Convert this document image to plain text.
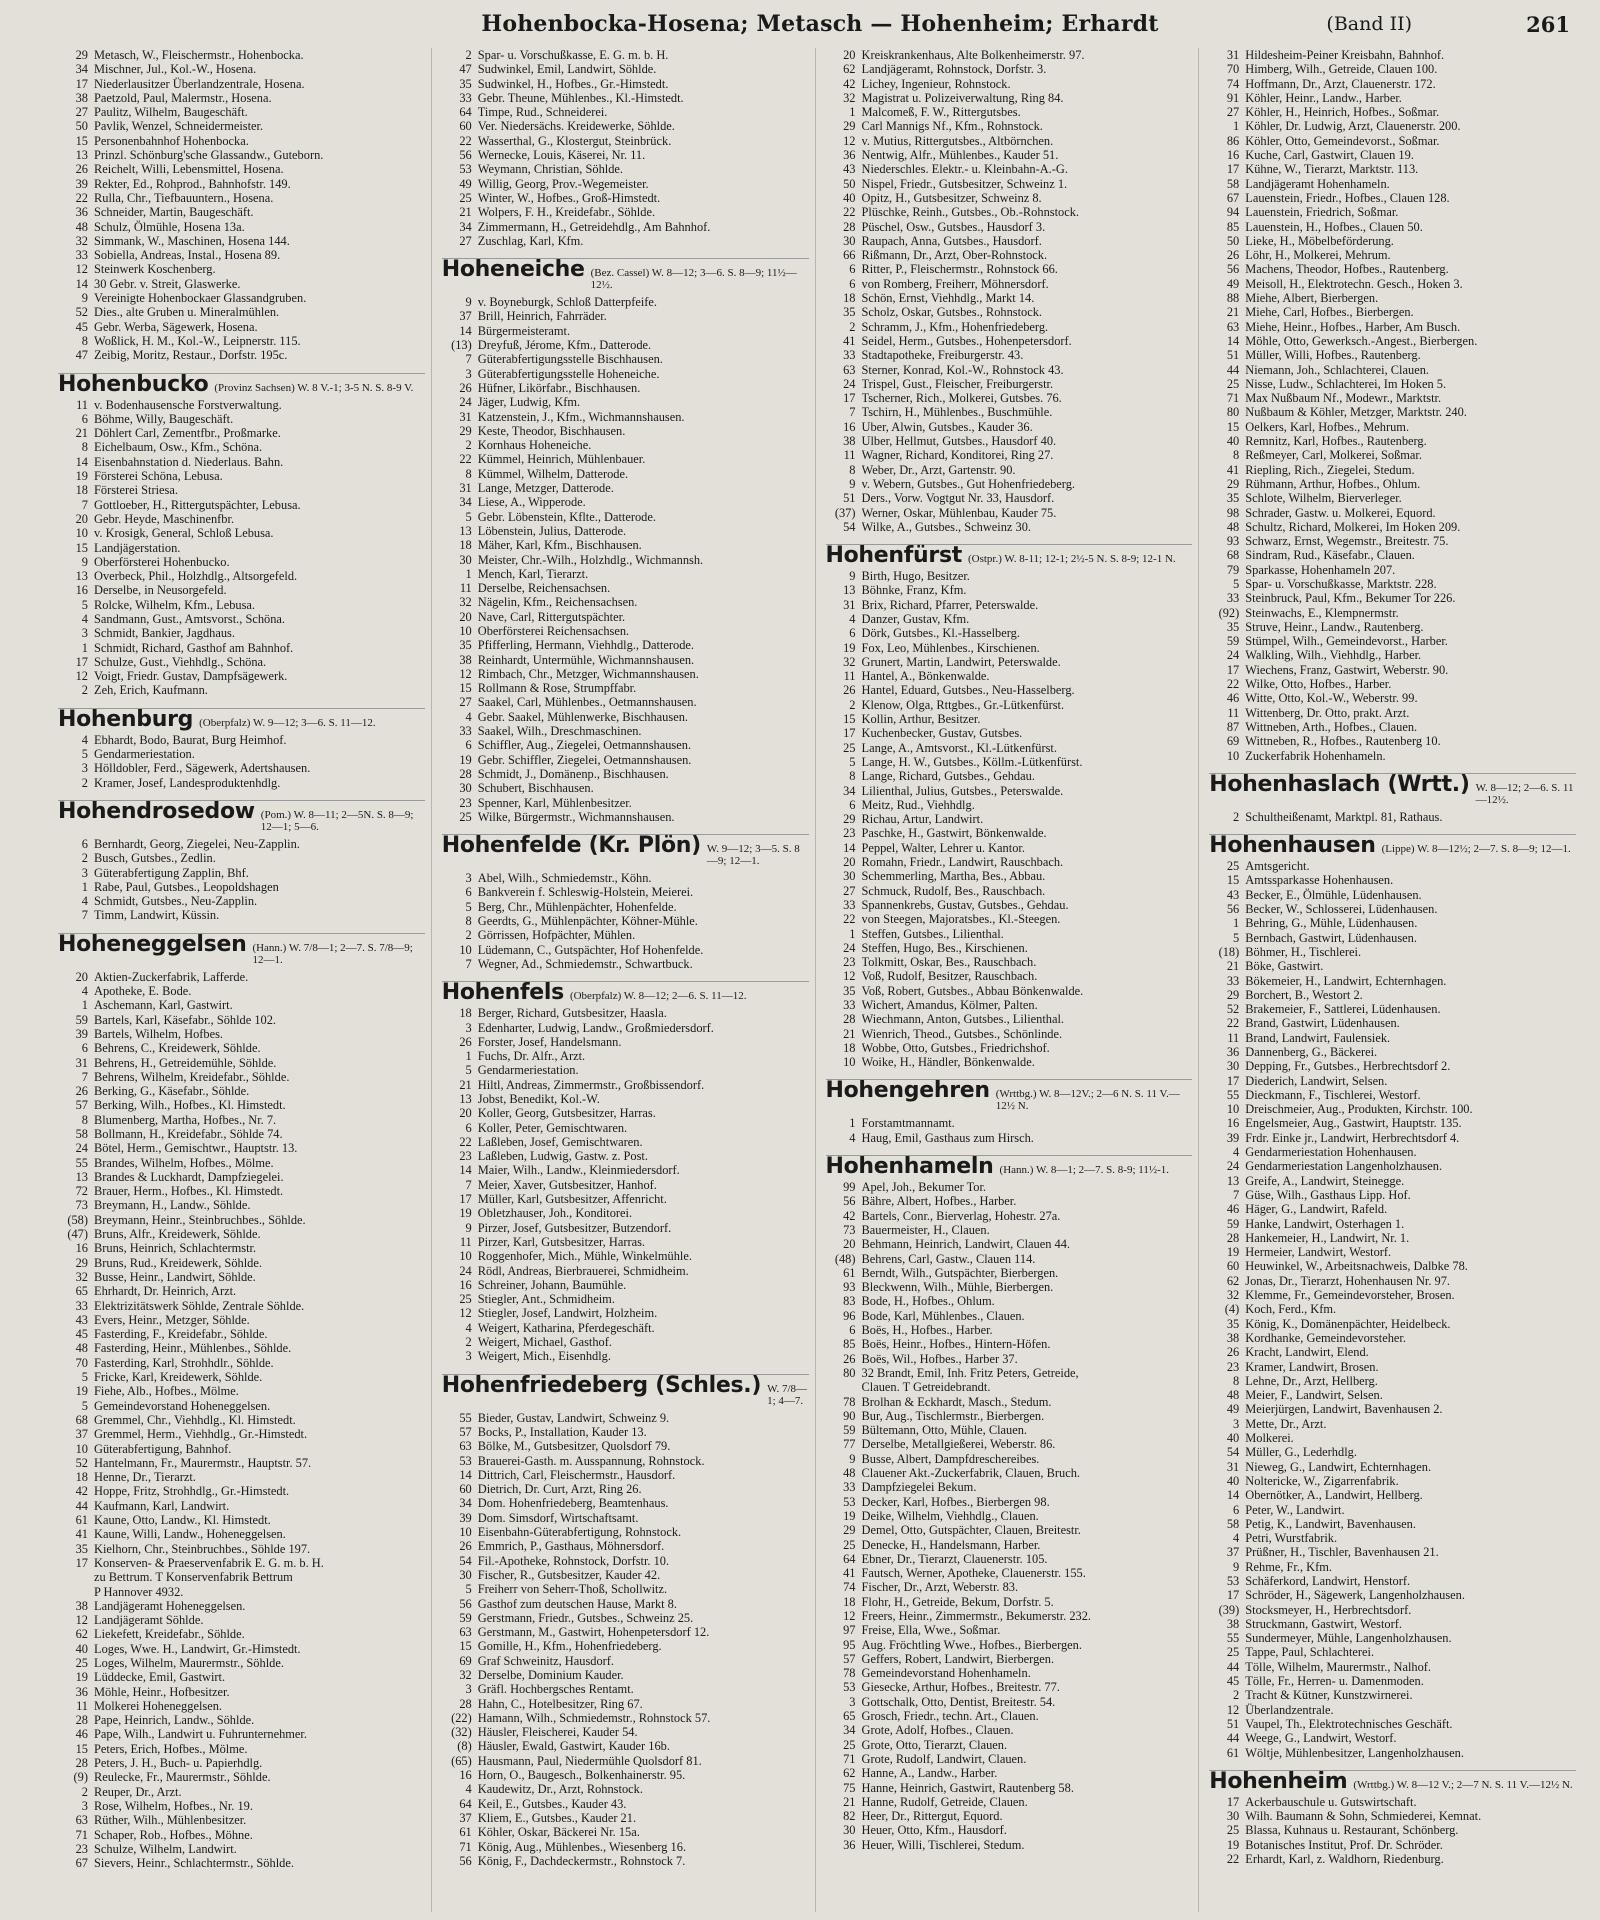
Hohenbocka-Hosena; Metasch — Hohenheim; Erhardt	(Band II)	261
29 Metasch, W., Fleischermstr., Hohenbocka.
34 Mischner, Jul., Kol.-W., Hosena.
17 Niederlausitzer Überlandzentrale, Hosena.
38 Paetzold, Paul, Malermstr., Hosena.
27 Paulitz, Wilhelm, Baugeschäft.
50 Pavlik, Wenzel, Schneidermeister.
15 Personenbahnhof Hohenbocka.
13 Prinzl. Schönburg'sche Glassandw., Guteborn.
26 Reichelt, Willi, Lebensmittel, Hosena.
39 Rekter, Ed., Rohprod., Bahnhofstr. 149.
22 Rulla, Chr., Tiefbauuntern., Hosena.
36 Schneider, Martin, Baugeschäft.
48 Schulz, Ölmühle, Hosena 13a.
32 Simmank, W., Maschinen, Hosena 144.
33 Sobiella, Andreas, Instal., Hosena 89.
12 Steinwerk Koschenberg.
14 30 Gebr. v. Streit, Glaswerke.
9 Vereinigte Hohenbockaer Glassandgruben.
52 Dies., alte Gruben u. Mineralmühlen.
45 Gebr. Werba, Sägewerk, Hosena.
8 Woßlick, H. M., Kol.-W., Leipnerstr. 115.
47 Zeibig, Moritz, Restaur., Dorfstr. 195c.
Hohenbucko (Provinz Sachsen) W. 8 V.-1; 3-5 N. S. 8-9 V.
11 v. Bodenhausensche Forstverwaltung.
6 Böhme, Willy, Baugeschäft.
21 Döhlert Carl, Zementfbr., Proßmarke.
8 Eichelbaum, Osw., Kfm., Schöna.
14 Eisenbahnstation d. Niederlaus. Bahn.
19 Försterei Schöna, Lebusa.
18 Försterei Striesa.
7 Gottloeber, H., Rittergutspächter, Lebusa.
20 Gebr. Heyde, Maschinenfbr.
10 v. Krosigk, General, Schloß Lebusa.
15 Landjägerstation.
9 Oberförsterei Hohenbucko.
13 Overbeck, Phil., Holzhdlg., Altsorgefeld.
16 Derselbe, in Neusorgefeld.
5 Rolcke, Wilhelm, Kfm., Lebusa.
4 Sandmann, Gust., Amtsvorst., Schöna.
3 Schmidt, Bankier, Jagdhaus.
1 Schmidt, Richard, Gasthof am Bahnhof.
17 Schulze, Gust., Viehhdlg., Schöna.
12 Voigt, Friedr. Gustav, Dampfsägewerk.
2 Zeh, Erich, Kaufmann.
Hohenburg (Oberpfalz) W. 9—12; 3—6. S. 11—12.
4 Ebhardt, Bodo, Baurat, Burg Heimhof.
5 Gendarmeriestation.
3 Hölldobler, Ferd., Sägewerk, Adertshausen.
2 Kramer, Josef, Landesproduktenhdlg.
Hohendrosedow (Pom.) W. 8—11; 2—5N. S. 8—9; 12—1; 5—6.
6 Bernhardt, Georg, Ziegelei, Neu-Zapplin.
2 Busch, Gutsbes., Zedlin.
3 Güterabfertigung Zapplin, Bhf.
1 Rabe, Paul, Gutsbes., Leopoldshagen
4 Schmidt, Gutsbes., Neu-Zapplin.
7 Timm, Landwirt, Küssin.
Hoheneggelsen (Hann.) W. 7/8—1; 2—7. S. 7/8—9; 12—1.
20 Aktien-Zuckerfabrik, Lafferde.
4 Apotheke, E. Bode.
1 Aschemann, Karl, Gastwirt.
59 Bartels, Karl, Käsefabr., Söhlde 102.
39 Bartels, Wilhelm, Hofbes.
6 Behrens, C., Kreidewerk, Söhlde.
31 Behrens, H., Getreidemühle, Söhlde.
7 Behrens, Wilhelm, Kreidefabr., Söhlde.
26 Berking, G., Käsefabr., Söhlde.
57 Berking, Wilh., Hofbes., Kl. Himstedt.
8 Blumenberg, Martha, Hofbes., Nr. 7.
58 Bollmann, H., Kreidefabr., Söhlde 74.
24 Bötel, Herm., Gemischtwr., Hauptstr. 13.
55 Brandes, Wilhelm, Hofbes., Mölme.
13 Brandes & Luckhardt, Dampfziegelei.
72 Brauer, Herm., Hofbes., Kl. Himstedt.
73 Breymann, H., Landw., Söhlde.
(58) Breymann, Heinr., Steinbruchbes., Söhlde.
(47) Bruns, Alfr., Kreidewerk, Söhlde.
16 Bruns, Heinrich, Schlachtermstr.
29 Bruns, Rud., Kreidewerk, Söhlde.
32 Busse, Heinr., Landwirt, Söhlde.
65 Ehrhardt, Dr. Heinrich, Arzt.
33 Elektrizitätswerk Söhlde, Zentrale Söhlde.
43 Evers, Heinr., Metzger, Söhlde.
45 Fasterding, F., Kreidefabr., Söhlde.
48 Fasterding, Heinr., Mühlenbes., Söhlde.
70 Fasterding, Karl, Strohhdlr., Söhlde.
5 Fricke, Karl, Kreidewerk, Söhlde.
19 Fiehe, Alb., Hofbes., Mölme.
5 Gemeindevorstand Hoheneggelsen.
68 Gremmel, Chr., Viehhdlg., Kl. Himstedt.
37 Gremmel, Herm., Viehhdlg., Gr.-Himstedt.
10 Güterabfertigung, Bahnhof.
52 Hantelmann, Fr., Maurermstr., Hauptstr. 57.
18 Henne, Dr., Tierarzt.
42 Hoppe, Fritz, Strohhdlg., Gr.-Himstedt.
44 Kaufmann, Karl, Landwirt.
61 Kaune, Otto, Landw., Kl. Himstedt.
41 Kaune, Willi, Landw., Hoheneggelsen.
35 Kielhorn, Chr., Steinbruchbes., Söhlde 197.
17 Konserven- & Praeservenfabrik E. G. m. b. H.
zu Bettrum. T Konservenfabrik Bettrum
P Hannover 4932.
38 Landjägeramt Hoheneggelsen.
12 Landjägeramt Söhlde.
62 Liekefett, Kreidefabr., Söhlde.
40 Loges, Wwe. H., Landwirt, Gr.-Himstedt.
25 Loges, Wilhelm, Maurermstr., Söhlde.
19 Lüddecke, Emil, Gastwirt.
36 Möhle, Heinr., Hofbesitzer.
11 Molkerei Hoheneggelsen.
28 Pape, Heinrich, Landw., Söhlde.
46 Pape, Wilh., Landwirt u. Fuhrunternehmer.
15 Peters, Erich, Hofbes., Mölme.
28 Peters, J. H., Buch- u. Papierhdlg.
(9) Reulecke, Fr., Maurermstr., Söhlde.
2 Reuper, Dr., Arzt.
3 Rose, Wilhelm, Hofbes., Nr. 19.
63 Rüther, Wilh., Mühlenbesitzer.
71 Schaper, Rob., Hofbes., Möhne.
23 Schulze, Wilhelm, Landwirt.
67 Sievers, Heinr., Schlachtermstr., Söhlde.
2 Spar- u. Vorschußkasse, E. G. m. b. H.
47 Sudwinkel, Emil, Landwirt, Söhlde.
35 Sudwinkel, H., Hofbes., Gr.-Himstedt.
33 Gebr. Theune, Mühlenbes., Kl.-Himstedt.
64 Timpe, Rud., Schneiderei.
60 Ver. Niedersächs. Kreidewerke, Söhlde.
22 Wasserthal, G., Klostergut, Steinbrück.
56 Wernecke, Louis, Käserei, Nr. 11.
53 Weymann, Christian, Söhlde.
49 Willig, Georg, Prov.-Wegemeister.
25 Winter, W., Hofbes., Groß-Himstedt.
21 Wolpers, F. H., Kreidefabr., Söhlde.
34 Zimmermann, H., Getreidehdlg., Am Bahnhof.
27 Zuschlag, Karl, Kfm.
Hoheneiche (Bez. Cassel) W. 8—12; 3—6. S. 8—9; 11½—12½.
9 v. Boyneburgk, Schloß Datterpfeife.
37 Brill, Heinrich, Fahrräder.
14 Bürgermeisteramt.
(13) Dreyfuß, Jérome, Kfm., Datterode.
7 Güterabfertigungsstelle Bischhausen.
3 Güterabfertigungsstelle Hoheneiche.
26 Hüfner, Likörfabr., Bischhausen.
24 Jäger, Ludwig, Kfm.
31 Katzenstein, J., Kfm., Wichmannshausen.
29 Keste, Theodor, Bischhausen.
2 Kornhaus Hoheneiche.
22 Kümmel, Heinrich, Mühlenbauer.
8 Kümmel, Wilhelm, Datterode.
31 Lange, Metzger, Datterode.
34 Liese, A., Wipperode.
5 Gebr. Löbenstein, Kflte., Datterode.
13 Löbenstein, Julius, Datterode.
18 Mäher, Karl, Kfm., Bischhausen.
30 Meister, Chr.-Wilh., Holzhdlg., Wichmannsh.
1 Mench, Karl, Tierarzt.
11 Derselbe, Reichensachsen.
32 Nägelin, Kfm., Reichensachsen.
20 Nave, Carl, Rittergutspächter.
10 Oberförsterei Reichensachsen.
35 Pfifferling, Hermann, Viehhdlg., Datterode.
38 Reinhardt, Untermühle, Wichmannshausen.
12 Rimbach, Chr., Metzger, Wichmannshausen.
15 Rollmann & Rose, Strumpffabr.
27 Saakel, Carl, Mühlenbes., Oetmannshausen.
4 Gebr. Saakel, Mühlenwerke, Bischhausen.
33 Saakel, Wilh., Dreschmaschinen.
6 Schiffler, Aug., Ziegelei, Oetmannshausen.
19 Gebr. Schiffler, Ziegelei, Oetmannshausen.
28 Schmidt, J., Domänenp., Bischhausen.
30 Schubert, Bischhausen.
23 Spenner, Karl, Mühlenbesitzer.
25 Wilke, Bürgermstr., Wichmannshausen.
Hohenfelde (Kr. Plön) W. 9—12; 3—5. S. 8—9; 12—1.
3 Abel, Wilh., Schmiedemstr., Köhn.
6 Bankverein f. Schleswig-Holstein, Meierei.
5 Berg, Chr., Mühlenpächter, Hohenfelde.
8 Geerdts, G., Mühlenpächter, Köhner-Mühle.
2 Görrissen, Hofpächter, Mühlen.
10 Lüdemann, C., Gutspächter, Hof Hohenfelde.
7 Wegner, Ad., Schmiedemstr., Schwartbuck.
Hohenfels (Oberpfalz) W. 8—12; 2—6. S. 11—12.
18 Berger, Richard, Gutsbesitzer, Haasla.
3 Edenharter, Ludwig, Landw., Großmiedersdorf.
26 Forster, Josef, Handelsmann.
1 Fuchs, Dr. Alfr., Arzt.
5 Gendarmeriestation.
21 Hiltl, Andreas, Zimmermstr., Großbissendorf.
13 Jobst, Benedikt, Kol.-W.
20 Koller, Georg, Gutsbesitzer, Harras.
6 Koller, Peter, Gemischtwaren.
22 Laßleben, Josef, Gemischtwaren.
23 Laßleben, Ludwig, Gastw. z. Post.
14 Maier, Wilh., Landw., Kleinmiedersdorf.
7 Meier, Xaver, Gutsbesitzer, Hanhof.
17 Müller, Karl, Gutsbesitzer, Affenricht.
19 Obletzhauser, Joh., Konditorei.
9 Pirzer, Josef, Gutsbesitzer, Butzendorf.
11 Pirzer, Karl, Gutsbesitzer, Harras.
10 Roggenhofer, Mich., Mühle, Winkelmühle.
24 Rödl, Andreas, Bierbrauerei, Schmidheim.
16 Schreiner, Johann, Baumühle.
25 Stiegler, Ant., Schmidheim.
12 Stiegler, Josef, Landwirt, Holzheim.
4 Weigert, Katharina, Pferdegeschäft.
2 Weigert, Michael, Gasthof.
3 Weigert, Mich., Eisenhdlg.
Hohenfriedeberg (Schles.) W. 7/8—1; 4—7.
55 Bieder, Gustav, Landwirt, Schweinz 9.
57 Bocks, P., Installation, Kauder 13.
63 Bölke, M., Gutsbesitzer, Quolsdorf 79.
53 Brauerei-Gasth. m. Ausspannung, Rohnstock.
14 Dittrich, Carl, Fleischermstr., Hausdorf.
60 Dietrich, Dr. Curt, Arzt, Ring 26.
34 Dom. Hohenfriedeberg, Beamtenhaus.
39 Dom. Simsdorf, Wirtschaftsamt.
10 Eisenbahn-Güterabfertigung, Rohnstock.
26 Emmrich, P., Gasthaus, Möhnersdorf.
54 Fil.-Apotheke, Rohnstock, Dorfstr. 10.
30 Fischer, R., Gutsbesitzer, Kauder 42.
5 Freiherr von Seherr-Thoß, Schollwitz.
56 Gasthof zum deutschen Hause, Markt 8.
59 Gerstmann, Friedr., Gutsbes., Schweinz 25.
63 Gerstmann, M., Gastwirt, Hohenpetersdorf 12.
15 Gomille, H., Kfm., Hohenfriedeberg.
69 Graf Schweinitz, Hausdorf.
32 Derselbe, Dominium Kauder.
3 Gräfl. Hochbergsches Rentamt.
28 Hahn, C., Hotelbesitzer, Ring 67.
(22) Hamann, Wilh., Schmiedemstr., Rohnstock 57.
(32) Häusler, Fleischerei, Kauder 54.
(8) Häusler, Ewald, Gastwirt, Kauder 16b.
(65) Hausmann, Paul, Niedermühle Quolsdorf 81.
16 Horn, O., Baugesch., Bolkenhainerstr. 95.
4 Kaudewitz, Dr., Arzt, Rohnstock.
64 Keil, E., Gutsbes., Kauder 43.
37 Kliem, E., Gutsbes., Kauder 21.
61 Köhler, Oskar, Bäckerei Nr. 15a.
71 König, Aug., Mühlenbes., Wiesenberg 16.
56 König, F., Dachdeckermstr., Rohnstock 7.
20 Kreiskrankenhaus, Alte Bolkenheimerstr. 97.
62 Landjägeramt, Rohnstock, Dorfstr. 3.
42 Lichey, Ingenieur, Rohnstock.
32 Magistrat u. Polizeiverwaltung, Ring 84.
1 Malcomeß, F. W., Rittergutsbes.
29 Carl Mannigs Nf., Kfm., Rohnstock.
12 v. Mutius, Rittergutsbes., Altbörnchen.
36 Nentwig, Alfr., Mühlenbes., Kauder 51.
43 Niederschles. Elektr.- u. Kleinbahn-A.-G.
50 Nispel, Friedr., Gutsbesitzer, Schweinz 1.
40 Opitz, H., Gutsbesitzer, Schweinz 8.
22 Plüschke, Reinh., Gutsbes., Ob.-Rohnstock.
28 Püschel, Osw., Gutsbes., Hausdorf 3.
30 Raupach, Anna, Gutsbes., Hausdorf.
66 Rißmann, Dr., Arzt, Ober-Rohnstock.
6 Ritter, P., Fleischermstr., Rohnstock 66.
6 von Romberg, Freiherr, Möhnersdorf.
18 Schön, Ernst, Viehhdlg., Markt 14.
35 Scholz, Oskar, Gutsbes., Rohnstock.
2 Schramm, J., Kfm., Hohenfriedeberg.
41 Seidel, Herm., Gutsbes., Hohenpetersdorf.
33 Stadtapotheke, Freiburgerstr. 43.
63 Sterner, Konrad, Kol.-W., Rohnstock 43.
24 Trispel, Gust., Fleischer, Freiburgerstr.
17 Tscherner, Rich., Molkerei, Gutsbes. 76.
7 Tschirn, H., Mühlenbes., Buschmühle.
16 Uber, Alwin, Gutsbes., Kauder 36.
38 Ulber, Hellmut, Gutsbes., Hausdorf 40.
11 Wagner, Richard, Konditorei, Ring 27.
8 Weber, Dr., Arzt, Gartenstr. 90.
9 v. Webern, Gutsbes., Gut Hohenfriedeberg.
51 Ders., Vorw. Vogtgut Nr. 33, Hausdorf.
(37) Werner, Oskar, Mühlenbau, Kauder 75.
54 Wilke, A., Gutsbes., Schweinz 30.
Hohenfürst (Ostpr.) W. 8-11; 12-1; 2½-5 N. S. 8-9; 12-1 N.
9 Birth, Hugo, Besitzer.
13 Böhnke, Franz, Kfm.
31 Brix, Richard, Pfarrer, Peterswalde.
4 Danzer, Gustav, Kfm.
6 Dörk, Gutsbes., Kl.-Hasselberg.
19 Fox, Leo, Mühlenbes., Kirschienen.
32 Grunert, Martin, Landwirt, Peterswalde.
11 Hantel, A., Bönkenwalde.
26 Hantel, Eduard, Gutsbes., Neu-Hasselberg.
2 Klenow, Olga, Rttgbes., Gr.-Lütkenfürst.
15 Kollin, Arthur, Besitzer.
17 Kuchenbecker, Gustav, Gutsbes.
25 Lange, A., Amtsvorst., Kl.-Lütkenfürst.
5 Lange, H. W., Gutsbes., Köllm.-Lütkenfürst.
8 Lange, Richard, Gutsbes., Gehdau.
34 Lilienthal, Julius, Gutsbes., Peterswalde.
6 Meitz, Rud., Viehhdlg.
29 Richau, Artur, Landwirt.
23 Paschke, H., Gastwirt, Bönkenwalde.
14 Peppel, Walter, Lehrer u. Kantor.
20 Romahn, Friedr., Landwirt, Rauschbach.
30 Schemmerling, Martha, Bes., Abbau.
27 Schmuck, Rudolf, Bes., Rauschbach.
33 Spannenkrebs, Gustav, Gutsbes., Gehdau.
22 von Steegen, Majoratsbes., Kl.-Steegen.
1 Steffen, Gutsbes., Lilienthal.
24 Steffen, Hugo, Bes., Kirschienen.
23 Tolkmitt, Oskar, Bes., Rauschbach.
12 Voß, Rudolf, Besitzer, Rauschbach.
35 Voß, Robert, Gutsbes., Abbau Bönkenwalde.
33 Wichert, Amandus, Kölmer, Palten.
28 Wiechmann, Anton, Gutsbes., Lilienthal.
21 Wienrich, Theod., Gutsbes., Schönlinde.
18 Wobbe, Otto, Gutsbes., Friedrichshof.
10 Woike, H., Händler, Bönkenwalde.
Hohengehren (Wrttbg.) W. 8—12V.; 2—6 N. S. 11 V.—12½ N.
1 Forstamtmannamt.
4 Haug, Emil, Gasthaus zum Hirsch.
Hohenhameln (Hann.) W. 8—1; 2—7. S. 8-9; 11½-1.
99 Apel, Joh., Bekumer Tor.
56 Bähre, Albert, Hofbes., Harber.
42 Bartels, Conr., Bierverlag, Hohestr. 27a.
73 Bauermeister, H., Clauen.
20 Behmann, Heinrich, Landwirt, Clauen 44.
(48) Behrens, Carl, Gastw., Clauen 114.
61 Berndt, Wilh., Gutspächter, Bierbergen.
93 Bleckwenn, Wilh., Mühle, Bierbergen.
83 Bode, H., Hofbes., Ohlum.
96 Bode, Karl, Mühlenbes., Clauen.
6 Boës, H., Hofbes., Harber.
85 Boës, Heinr., Hofbes., Hintern-Höfen.
26 Boës, Wil., Hofbes., Harber 37.
80 32 Brandt, Emil, Inh. Fritz Peters, Getreide,
Clauen. T Getreidebrandt.
78 Brolhan & Eckhardt, Masch., Stedum.
90 Bur, Aug., Tischlermstr., Bierbergen.
59 Bültemann, Otto, Mühle, Clauen.
77 Derselbe, Metallgießerei, Weberstr. 86.
9 Busse, Albert, Dampfdreschereibes.
48 Clauener Akt.-Zuckerfabrik, Clauen, Bruch.
33 Dampfziegelei Bekum.
53 Decker, Karl, Hofbes., Bierbergen 98.
19 Deike, Wilhelm, Viehhdlg., Clauen.
29 Demel, Otto, Gutspächter, Clauen, Breitestr.
25 Denecke, H., Handelsmann, Harber.
64 Ebner, Dr., Tierarzt, Clauenerstr. 105.
41 Fautsch, Werner, Apotheke, Clauenerstr. 155.
74 Fischer, Dr., Arzt, Weberstr. 83.
18 Flohr, H., Getreide, Bekum, Dorfstr. 5.
12 Freers, Heinr., Zimmermstr., Bekumerstr. 232.
97 Freise, Ella, Wwe., Soßmar.
95 Aug. Fröchtling Wwe., Hofbes., Bierbergen.
57 Geffers, Robert, Landwirt, Bierbergen.
78 Gemeindevorstand Hohenhameln.
53 Giesecke, Arthur, Hofbes., Breitestr. 77.
3 Gottschalk, Otto, Dentist, Breitestr. 54.
65 Grosch, Friedr., techn. Art., Clauen.
34 Grote, Adolf, Hofbes., Clauen.
25 Grote, Otto, Tierarzt, Clauen.
71 Grote, Rudolf, Landwirt, Clauen.
62 Hanne, A., Landw., Harber.
75 Hanne, Heinrich, Gastwirt, Rautenberg 58.
21 Hanne, Rudolf, Getreide, Clauen.
82 Heer, Dr., Rittergut, Equord.
30 Heuer, Otto, Kfm., Hausdorf.
36 Heuer, Willi, Tischlerei, Stedum.
31 Hildesheim-Peiner Kreisbahn, Bahnhof.
70 Himberg, Wilh., Getreide, Clauen 100.
74 Hoffmann, Dr., Arzt, Clauenerstr. 172.
91 Köhler, Heinr., Landw., Harber.
27 Köhler, H., Heinrich, Hofbes., Soßmar.
1 Köhler, Dr. Ludwig, Arzt, Clauenerstr. 200.
86 Köhler, Otto, Gemeindevorst., Soßmar.
16 Kuche, Carl, Gastwirt, Clauen 19.
17 Kühne, W., Tierarzt, Marktstr. 113.
58 Landjägeramt Hohenhameln.
67 Lauenstein, Friedr., Hofbes., Clauen 128.
94 Lauenstein, Friedrich, Soßmar.
85 Lauenstein, H., Hofbes., Clauen 50.
50 Lieke, H., Möbelbeförderung.
26 Löhr, H., Molkerei, Mehrum.
56 Machens, Theodor, Hofbes., Rautenberg.
49 Meisoll, H., Elektrotechn. Gesch., Hoken 3.
88 Miehe, Albert, Bierbergen.
21 Miehe, Carl, Hofbes., Bierbergen.
63 Miehe, Heinr., Hofbes., Harber, Am Busch.
14 Möhle, Otto, Gewerksch.-Angest., Bierbergen.
51 Müller, Willi, Hofbes., Rautenberg.
44 Niemann, Joh., Schlachterei, Clauen.
25 Nisse, Ludw., Schlachterei, Im Hoken 5.
71 Max Nußbaum Nf., Modewr., Marktstr.
80 Nußbaum & Köhler, Metzger, Marktstr. 240.
15 Oelkers, Karl, Hofbes., Mehrum.
40 Remnitz, Karl, Hofbes., Rautenberg.
8 Reßmeyer, Carl, Molkerei, Soßmar.
41 Riepling, Rich., Ziegelei, Stedum.
29 Rühmann, Arthur, Hofbes., Ohlum.
35 Schlote, Wilhelm, Bierverleger.
98 Schrader, Gastw. u. Molkerei, Equord.
48 Schultz, Richard, Molkerei, Im Hoken 209.
93 Schwarz, Ernst, Wegemstr., Breitestr. 75.
68 Sindram, Rud., Käsefabr., Clauen.
79 Sparkasse, Hohenhameln 207.
5 Spar- u. Vorschußkasse, Marktstr. 228.
33 Steinbruck, Paul, Kfm., Bekumer Tor 226.
(92) Steinwachs, E., Klempnermstr.
35 Struve, Heinr., Landw., Rautenberg.
59 Stümpel, Wilh., Gemeindevorst., Harber.
24 Walkling, Wilh., Viehhdlg., Harber.
17 Wiechens, Franz, Gastwirt, Weberstr. 90.
22 Wilke, Otto, Hofbes., Harber.
46 Witte, Otto, Kol.-W., Weberstr. 99.
11 Wittenberg, Dr. Otto, prakt. Arzt.
87 Wittneben, Arth., Hofbes., Clauen.
69 Wittneben, R., Hofbes., Rautenberg 10.
10 Zuckerfabrik Hohenhameln.
Hohenhaslach (Wrtt.) W. 8—12; 2—6. S. 11—12½.
2 Schultheißenamt, Marktpl. 81, Rathaus.
Hohenhausen (Lippe) W. 8—12½; 2—7. S. 8—9; 12—1.
25 Amtsgericht.
15 Amtssparkasse Hohenhausen.
43 Becker, E., Ölmühle, Lüdenhausen.
56 Becker, W., Schlosserei, Lüdenhausen.
1 Behring, G., Mühle, Lüdenhausen.
5 Bernbach, Gastwirt, Lüdenhausen.
(18) Böhmer, H., Tischlerei.
21 Böke, Gastwirt.
33 Bökemeier, H., Landwirt, Echternhagen.
29 Borchert, B., Westort 2.
52 Brakemeier, F., Sattlerei, Lüdenhausen.
22 Brand, Gastwirt, Lüdenhausen.
11 Brand, Landwirt, Faulensiek.
36 Dannenberg, G., Bäckerei.
30 Depping, Fr., Gutsbes., Herbrechtsdorf 2.
17 Diederich, Landwirt, Selsen.
55 Dieckmann, F., Tischlerei, Westorf.
10 Dreischmeier, Aug., Produkten, Kirchstr. 100.
16 Engelsmeier, Aug., Gastwirt, Hauptstr. 135.
39 Frdr. Einke jr., Landwirt, Herbrechtsdorf 4.
4 Gendarmeriestation Hohenhausen.
24 Gendarmeriestation Langenholzhausen.
13 Greife, A., Landwirt, Steinegge.
7 Güse, Wilh., Gasthaus Lipp. Hof.
46 Häger, G., Landwirt, Rafeld.
59 Hanke, Landwirt, Osterhagen 1.
28 Hankemeier, H., Landwirt, Nr. 1.
19 Hermeier, Landwirt, Westorf.
60 Heuwinkel, W., Arbeitsnachweis, Dalbke 78.
62 Jonas, Dr., Tierarzt, Hohenhausen Nr. 97.
32 Klemme, Fr., Gemeindevorsteher, Brosen.
(4) Koch, Ferd., Kfm.
35 König, K., Domänenpächter, Heidelbeck.
38 Kordhanke, Gemeindevorsteher.
26 Kracht, Landwirt, Elend.
23 Kramer, Landwirt, Brosen.
8 Lehne, Dr., Arzt, Hellberg.
48 Meier, F., Landwirt, Selsen.
49 Meierjürgen, Landwirt, Bavenhausen 2.
3 Mette, Dr., Arzt.
40 Molkerei.
54 Müller, G., Lederhdlg.
31 Nieweg, G., Landwirt, Echternhagen.
40 Noltericke, W., Zigarrenfabrik.
14 Obernötker, A., Landwirt, Hellberg.
6 Peter, W., Landwirt.
58 Petig, K., Landwirt, Bavenhausen.
4 Petri, Wurstfabrik.
37 Prüßner, H., Tischler, Bavenhausen 21.
9 Rehme, Fr., Kfm.
53 Schäferkord, Landwirt, Henstorf.
17 Schröder, H., Sägewerk, Langenholzhausen.
(39) Stocksmeyer, H., Herbrechtsdorf.
38 Struckmann, Gastwirt, Westorf.
55 Sundermeyer, Mühle, Langenholzhausen.
25 Tappe, Paul, Schlachterei.
44 Tölle, Wilhelm, Maurermstr., Nalhof.
45 Tölle, Fr., Herren- u. Damenmoden.
2 Tracht & Kütner, Kunstzwirnerei.
12 Überlandzentrale.
51 Vaupel, Th., Elektrotechnisches Geschäft.
44 Weege, G., Landwirt, Westorf.
61 Wöltje, Mühlenbesitzer, Langenholzhausen.
Hohenheim (Wrttbg.) W. 8—12 V.; 2—7 N. S. 11 V.—12½ N.
17 Ackerbauschule u. Gutswirtschaft.
30 Wilh. Baumann & Sohn, Schmiederei, Kemnat.
25 Blassa, Kuhnaus u. Restaurant, Schönberg.
19 Botanisches Institut, Prof. Dr. Schröder.
22 Erhardt, Karl, z. Waldhorn, Riedenburg.
